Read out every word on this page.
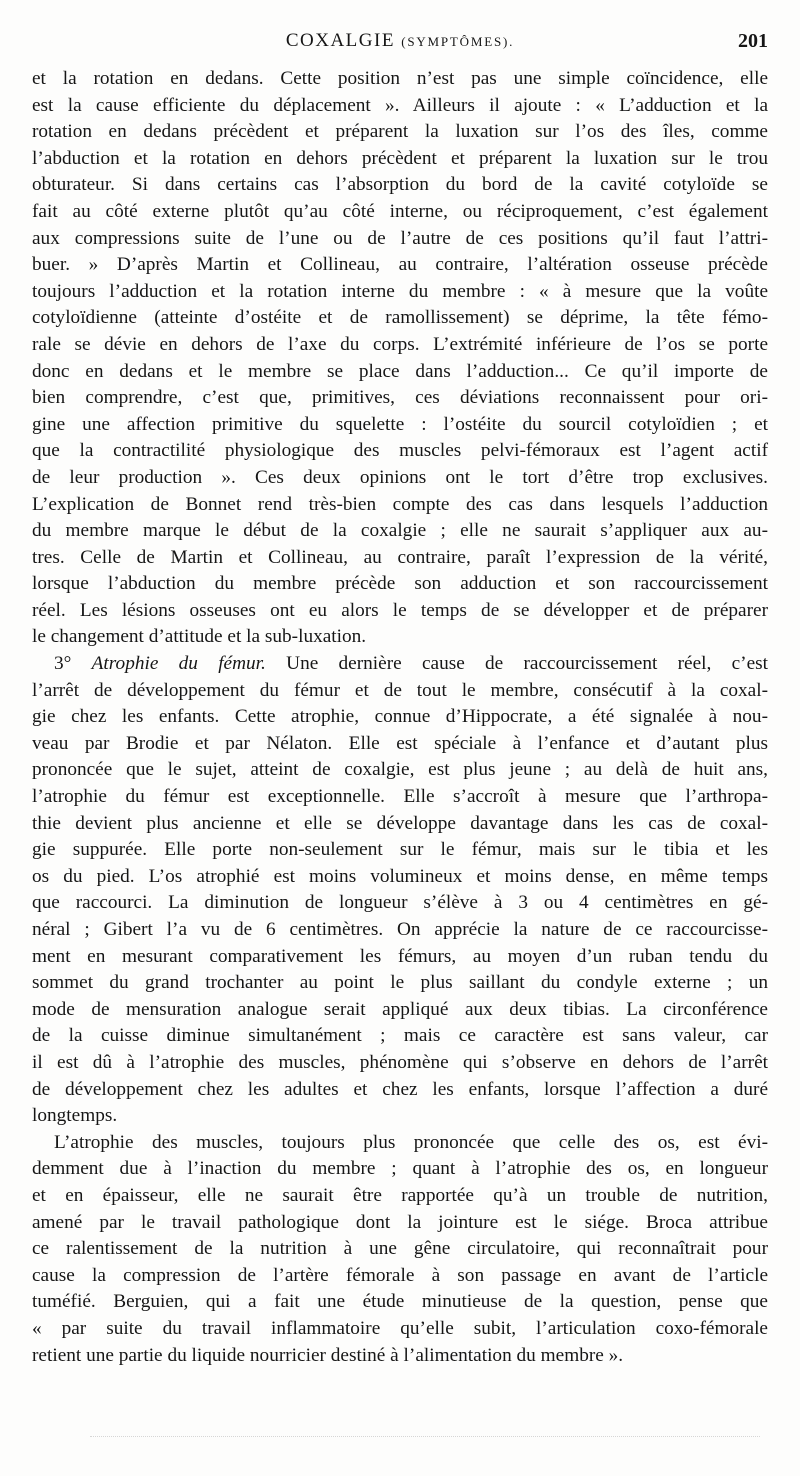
COXALGIE (SYMPTÔMES).	201
et la rotation en dedans. Cette position n’est pas une simple coïncidence, elle
est la cause efficiente du déplacement ». Ailleurs il ajoute : « L’adduction et la
rotation en dedans précèdent et préparent la luxation sur l’os des îles, comme
l’abduction et la rotation en dehors précèdent et préparent la luxation sur le trou
obturateur. Si dans certains cas l’absorption du bord de la cavité cotyloïde se
fait au côté externe plutôt qu’au côté interne, ou réciproquement, c’est également
aux compressions suite de l’une ou de l’autre de ces positions qu’il faut l’attri-
buer. » D’après Martin et Collineau, au contraire, l’altération osseuse précède
toujours l’adduction et la rotation interne du membre : « à mesure que la voûte
cotyloïdienne (atteinte d’ostéite et de ramollissement) se déprime, la tête fémo-
rale se dévie en dehors de l’axe du corps. L’extrémité inférieure de l’os se porte
donc en dedans et le membre se place dans l’adduction... Ce qu’il importe de
bien comprendre, c’est que, primitives, ces déviations reconnaissent pour ori-
gine une affection primitive du squelette : l’ostéite du sourcil cotyloïdien ; et
que la contractilité physiologique des muscles pelvi-fémoraux est l’agent actif
de leur production ». Ces deux opinions ont le tort d’être trop exclusives.
L’explication de Bonnet rend très-bien compte des cas dans lesquels l’adduction
du membre marque le début de la coxalgie ; elle ne saurait s’appliquer aux au-
tres. Celle de Martin et Collineau, au contraire, paraît l’expression de la vérité,
lorsque l’abduction du membre précède son adduction et son raccourcissement
réel. Les lésions osseuses ont eu alors le temps de se développer et de préparer
le changement d’attitude et la sub-luxation.
3° Atrophie du fémur. Une dernière cause de raccourcissement réel, c’est
l’arrêt de développement du fémur et de tout le membre, consécutif à la coxal-
gie chez les enfants. Cette atrophie, connue d’Hippocrate, a été signalée à nou-
veau par Brodie et par Nélaton. Elle est spéciale à l’enfance et d’autant plus
prononcée que le sujet, atteint de coxalgie, est plus jeune ; au delà de huit ans,
l’atrophie du fémur est exceptionnelle. Elle s’accroît à mesure que l’arthropa-
thie devient plus ancienne et elle se développe davantage dans les cas de coxal-
gie suppurée. Elle porte non-seulement sur le fémur, mais sur le tibia et les
os du pied. L’os atrophié est moins volumineux et moins dense, en même temps
que raccourci. La diminution de longueur s’élève à 3 ou 4 centimètres en gé-
néral ; Gibert l’a vu de 6 centimètres. On apprécie la nature de ce raccourcisse-
ment en mesurant comparativement les fémurs, au moyen d’un ruban tendu du
sommet du grand trochanter au point le plus saillant du condyle externe ; un
mode de mensuration analogue serait appliqué aux deux tibias. La circonférence
de la cuisse diminue simultanément ; mais ce caractère est sans valeur, car
il est dû à l’atrophie des muscles, phénomène qui s’observe en dehors de l’arrêt
de développement chez les adultes et chez les enfants, lorsque l’affection a duré
longtemps.
L’atrophie des muscles, toujours plus prononcée que celle des os, est évi-
demment due à l’inaction du membre ; quant à l’atrophie des os, en longueur
et en épaisseur, elle ne saurait être rapportée qu’à un trouble de nutrition,
amené par le travail pathologique dont la jointure est le siége. Broca attribue
ce ralentissement de la nutrition à une gêne circulatoire, qui reconnaîtrait pour
cause la compression de l’artère fémorale à son passage en avant de l’article
tuméfié. Berguien, qui a fait une étude minutieuse de la question, pense que
« par suite du travail inflammatoire qu’elle subit, l’articulation coxo-fémorale
retient une partie du liquide nourricier destiné à l’alimentation du membre ».
